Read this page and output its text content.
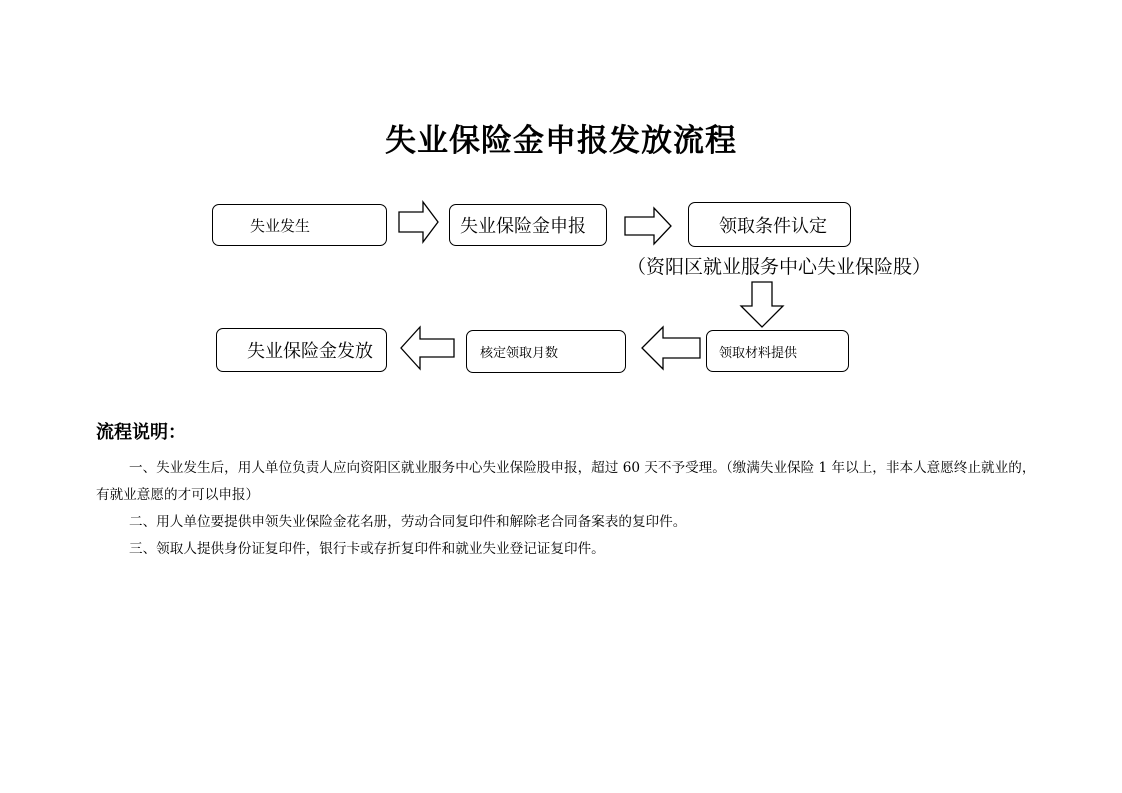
失业保险金申报发放流程
失业发生	失业保险金申报	领取条件认定
（资阳区就业服务中心失业保险股）
失业保险金发放	核定领取月数	领取材料提供
流程说明：
一、失业发生后，用人单位负责人应向资阳区就业服务中心失业保险股申报，超过 60 天不予受理。（缴满失业保险 1 年以上，非本人意愿终止就业的，有就业意愿的才可以申报）
二、用人单位要提供申领失业保险金花名册，劳动合同复印件和解除老合同备案表的复印件。
三、领取人提供身份证复印件，银行卡或存折复印件和就业失业登记证复印件。
